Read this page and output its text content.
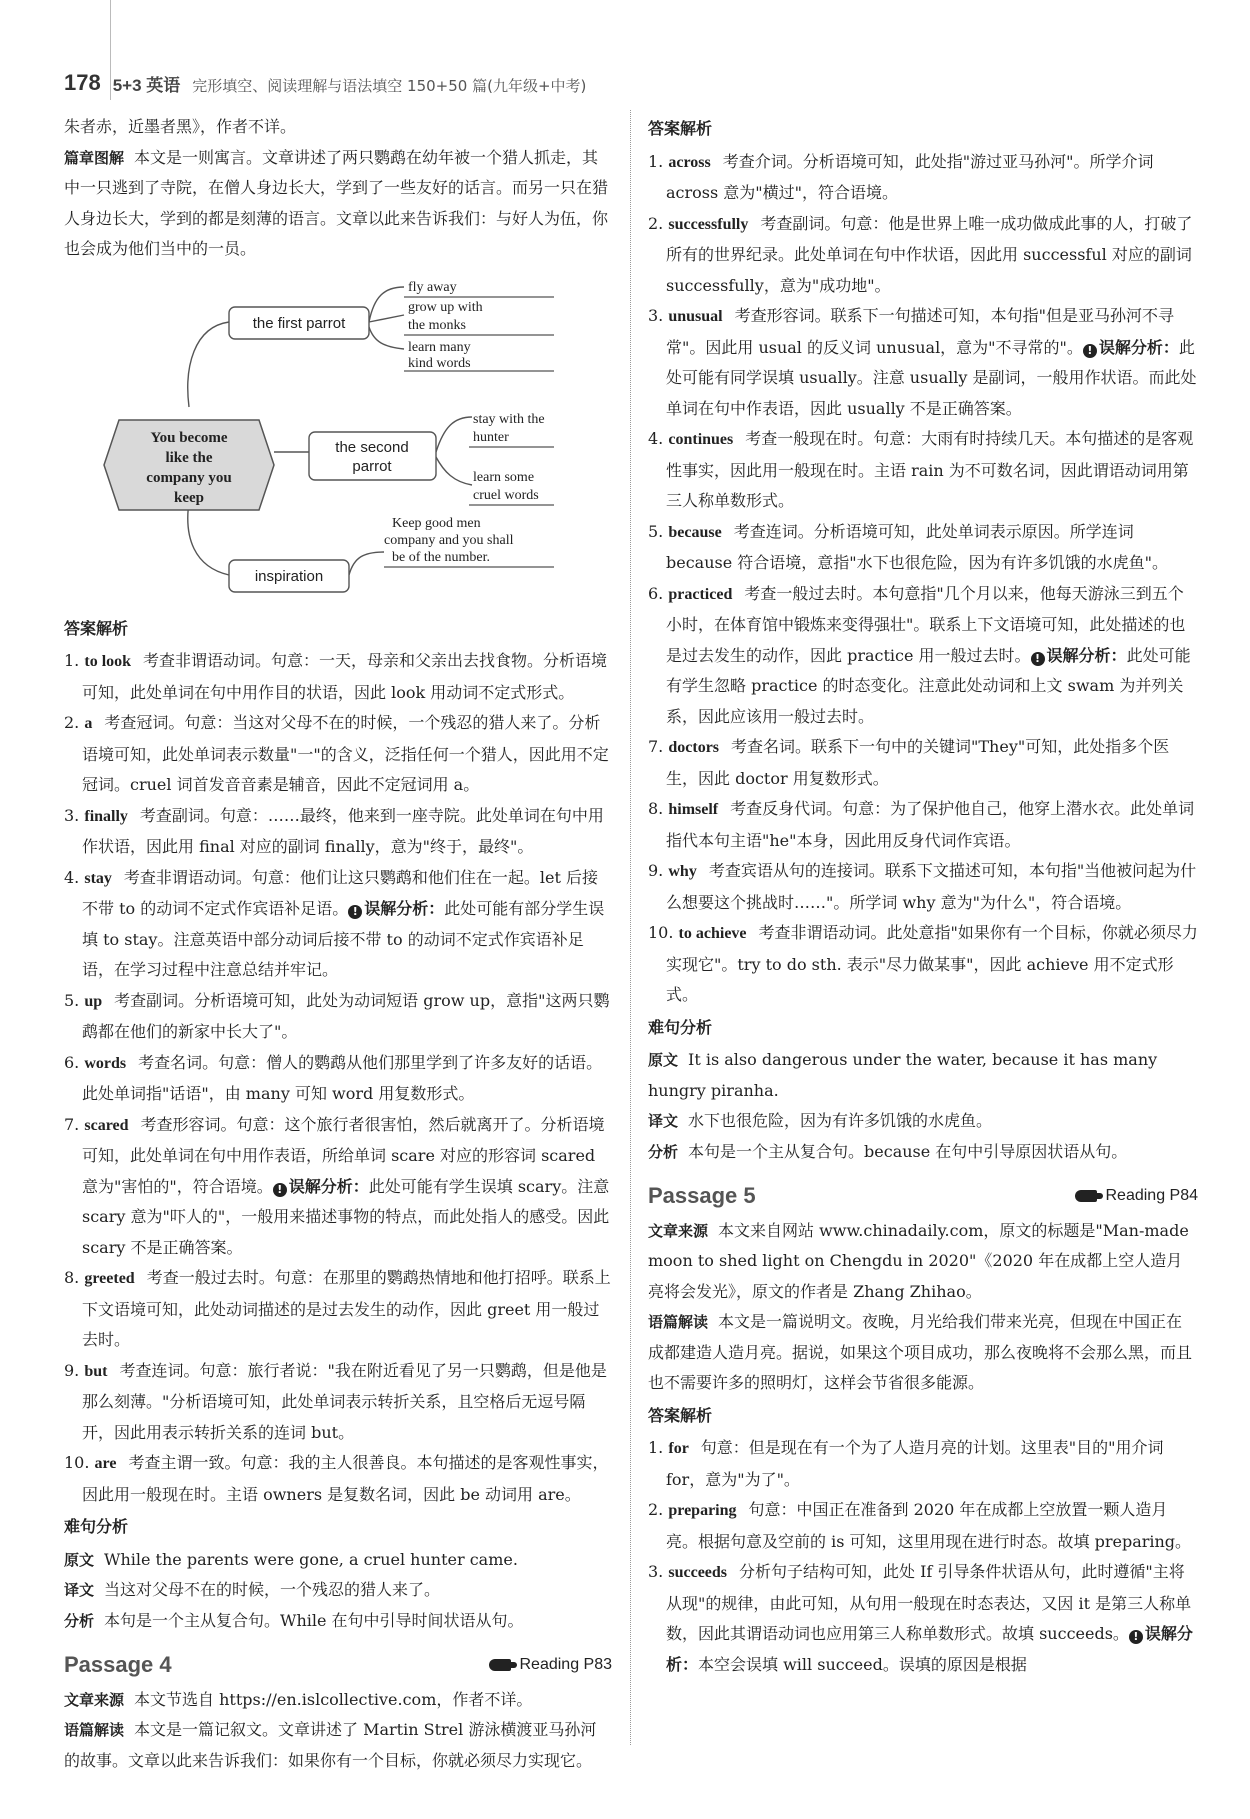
178 5+3 英语 完形填空、阅读理解与语法填空 150+50 篇(九年级+中考)

朱者赤，近墨者黑》，作者不详。

篇章图解 本文是一则寓言。文章讲述了两只鹦鹉在幼年被一个猎人抓走，其中一只逃到了寺院，在僧人身边长大，学到了一些友好的话言。而另一只在猎人身边长大，学到的都是刻薄的语言。文章以此来告诉我们：与好人为伍，你也会成为他们当中的一员。

You become
like the
company you
keep
the first parrot
fly away
grow up with
the monks
learn many
kind words
the second
parrot
stay with the
hunter
learn some
cruel words
inspiration
Keep good men
company and you shall
be of the number.

答案解析

1. to look 考查非谓语动词。句意：一天，母亲和父亲出去找食物。分析语境可知，此处单词在句中用作目的状语，因此 look 用动词不定式形式。

2. a 考查冠词。句意：当这对父母不在的时候，一个残忍的猎人来了。分析语境可知，此处单词表示数量"一"的含义，泛指任何一个猎人，因此用不定冠词。cruel 词首发音音素是辅音，因此不定冠词用 a。

3. finally 考查副词。句意：……最终，他来到一座寺院。此处单词在句中用作状语，因此用 final 对应的副词 finally，意为"终于，最终"。

4. stay 考查非谓语动词。句意：他们让这只鹦鹉和他们住在一起。let 后接不带 to 的动词不定式作宾语补足语。 ! 误解分析：此处可能有部分学生误填 to stay。注意英语中部分动词后接不带 to 的动词不定式作宾语补足语，在学习过程中注意总结并牢记。

5. up 考查副词。分析语境可知，此处为动词短语 grow up，意指"这两只鹦鹉都在他们的新家中长大了"。

6. words 考查名词。句意：僧人的鹦鹉从他们那里学到了许多友好的话语。此处单词指"话语"，由 many 可知 word 用复数形式。

7. scared 考查形容词。句意：这个旅行者很害怕，然后就离开了。分析语境可知，此处单词在句中用作表语，所给单词 scare 对应的形容词 scared 意为"害怕的"，符合语境。 ! 误解分析：此处可能有学生误填 scary。注意 scary 意为"吓人的"，一般用来描述事物的特点，而此处指人的感受。因此 scary 不是正确答案。

8. greeted 考查一般过去时。句意：在那里的鹦鹉热情地和他打招呼。联系上下文语境可知，此处动词描述的是过去发生的动作，因此 greet 用一般过去时。

9. but 考查连词。句意：旅行者说："我在附近看见了另一只鹦鹉，但是他是那么刻薄。"分析语境可知，此处单词表示转折关系，且空格后无逗号隔开，因此用表示转折关系的连词 but。

10. are 考查主谓一致。句意：我的主人很善良。本句描述的是客观性事实，因此用一般现在时。主语 owners 是复数名词，因此 be 动词用 are。

难句分析

原文 While the parents were gone, a cruel hunter came.

译文 当这对父母不在的时候，一个残忍的猎人来了。

分析 本句是一个主从复合句。While 在句中引导时间状语从句。

Passage 4	Reading P83

文章来源 本文节选自 https://en.islcollective.com，作者不详。

语篇解读 本文是一篇记叙文。文章讲述了 Martin Strel 游泳横渡亚马孙河的故事。文章以此来告诉我们：如果你有一个目标，你就必须尽力实现它。

答案解析

1. across 考查介词。分析语境可知，此处指"游过亚马孙河"。所学介词 across 意为"横过"，符合语境。

2. successfully 考查副词。句意：他是世界上唯一成功做成此事的人，打破了所有的世界纪录。此处单词在句中作状语，因此用 successful 对应的副词 successfully，意为"成功地"。

3. unusual 考查形容词。联系下一句描述可知，本句指"但是亚马孙河不寻常"。因此用 usual 的反义词 unusual，意为"不寻常的"。 ! 误解分析：此处可能有同学误填 usually。注意 usually 是副词，一般用作状语。而此处单词在句中作表语，因此 usually 不是正确答案。

4. continues 考查一般现在时。句意：大雨有时持续几天。本句描述的是客观性事实，因此用一般现在时。主语 rain 为不可数名词，因此谓语动词用第三人称单数形式。

5. because 考查连词。分析语境可知，此处单词表示原因。所学连词 because 符合语境，意指"水下也很危险，因为有许多饥饿的水虎鱼"。

6. practiced 考查一般过去时。本句意指"几个月以来，他每天游泳三到五个小时，在体育馆中锻炼来变得强壮"。联系上下文语境可知，此处描述的也是过去发生的动作，因此 practice 用一般过去时。 ! 误解分析：此处可能有学生忽略 practice 的时态变化。注意此处动词和上文 swam 为并列关系，因此应该用一般过去时。

7. doctors 考查名词。联系下一句中的关键词"They"可知，此处指多个医生，因此 doctor 用复数形式。

8. himself 考查反身代词。句意：为了保护他自己，他穿上潜水衣。此处单词指代本句主语"he"本身，因此用反身代词作宾语。

9. why 考查宾语从句的连接词。联系下文描述可知，本句指"当他被问起为什么想要这个挑战时……"。所学词 why 意为"为什么"，符合语境。

10. to achieve 考查非谓语动词。此处意指"如果你有一个目标，你就必须尽力实现它"。try to do sth. 表示"尽力做某事"，因此 achieve 用不定式形式。

难句分析

原文 It is also dangerous under the water, because it has many hungry piranha.

译文 水下也很危险，因为有许多饥饿的水虎鱼。

分析 本句是一个主从复合句。because 在句中引导原因状语从句。

Passage 5	Reading P84

文章来源 本文来自网站 www.chinadaily.com，原文的标题是"Man-made moon to shed light on Chengdu in 2020"《2020 年在成都上空人造月亮将会发光》，原文的作者是 Zhang Zhihao。

语篇解读 本文是一篇说明文。夜晚，月光给我们带来光亮，但现在中国正在成都建造人造月亮。据说，如果这个项目成功，那么夜晚将不会那么黑，而且也不需要许多的照明灯，这样会节省很多能源。

答案解析

1. for 句意：但是现在有一个为了人造月亮的计划。这里表"目的"用介词 for，意为"为了"。

2. preparing 句意：中国正在准备到 2020 年在成都上空放置一颗人造月亮。根据句意及空前的 is 可知，这里用现在进行时态。故填 preparing。

3. succeeds 分析句子结构可知，此处 If 引导条件状语从句，此时遵循"主将从现"的规律，由此可知，从句用一般现在时态表达，又因 it 是第三人称单数，因此其谓语动词也应用第三人称单数形式。故填 succeeds。 ! 误解分析：本空会误填 will succeed。误填的原因是根据
